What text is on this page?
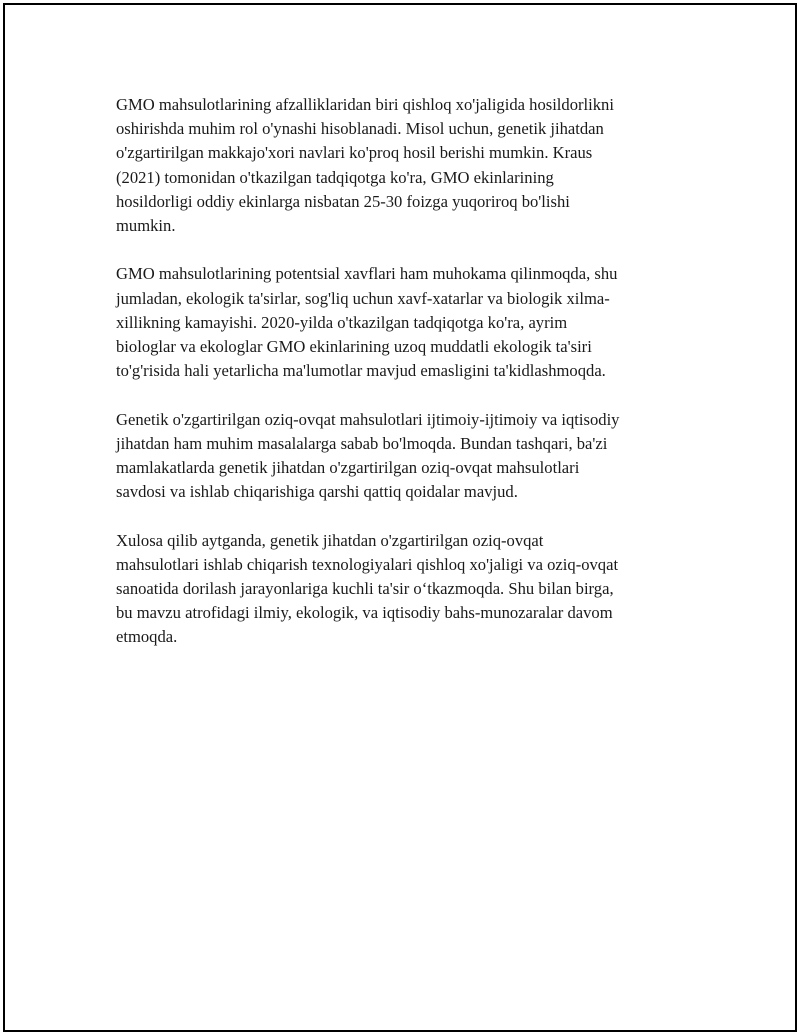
GMO mahsulotlarining afzalliklaridan biri qishloq xo'jaligida hosildorlikni
oshirishda muhim rol o'ynashi hisoblanadi. Misol uchun, genetik jihatdan
o'zgartirilgan makkajo'xori navlari ko'proq hosil berishi mumkin. Kraus
(2021) tomonidan o'tkazilgan tadqiqotga ko'ra, GMO ekinlarining
hosildorligi oddiy ekinlarga nisbatan 25-30 foizga yuqoriroq bo'lishi
mumkin.

GMO mahsulotlarining potentsial xavflari ham muhokama qilinmoqda, shu
jumladan, ekologik ta'sirlar, sog'liq uchun xavf-xatarlar va biologik xilma-
xillikning kamayishi. 2020-yilda o'tkazilgan tadqiqotga ko'ra, ayrim
biologlar va ekologlar GMO ekinlarining uzoq muddatli ekologik ta'siri
to'g'risida hali yetarlicha ma'lumotlar mavjud emasligini ta'kidlashmoqda.

Genetik o'zgartirilgan oziq-ovqat mahsulotlari ijtimoiy-ijtimoiy va iqtisodiy
jihatdan ham muhim masalalarga sabab bo'lmoqda. Bundan tashqari, ba'zi
mamlakatlarda genetik jihatdan o'zgartirilgan oziq-ovqat mahsulotlari
savdosi va ishlab chiqarishiga qarshi qattiq qoidalar mavjud.

Xulosa qilib aytganda, genetik jihatdan o'zgartirilgan oziq-ovqat
mahsulotlari ishlab chiqarish texnologiyalari qishloq xo'jaligi va oziq-ovqat
sanoatida dorilash jarayonlariga kuchli ta'sir o‘tkazmoqda. Shu bilan birga,
bu mavzu atrofidagi ilmiy, ekologik, va iqtisodiy bahs-munozaralar davom
etmoqda.
